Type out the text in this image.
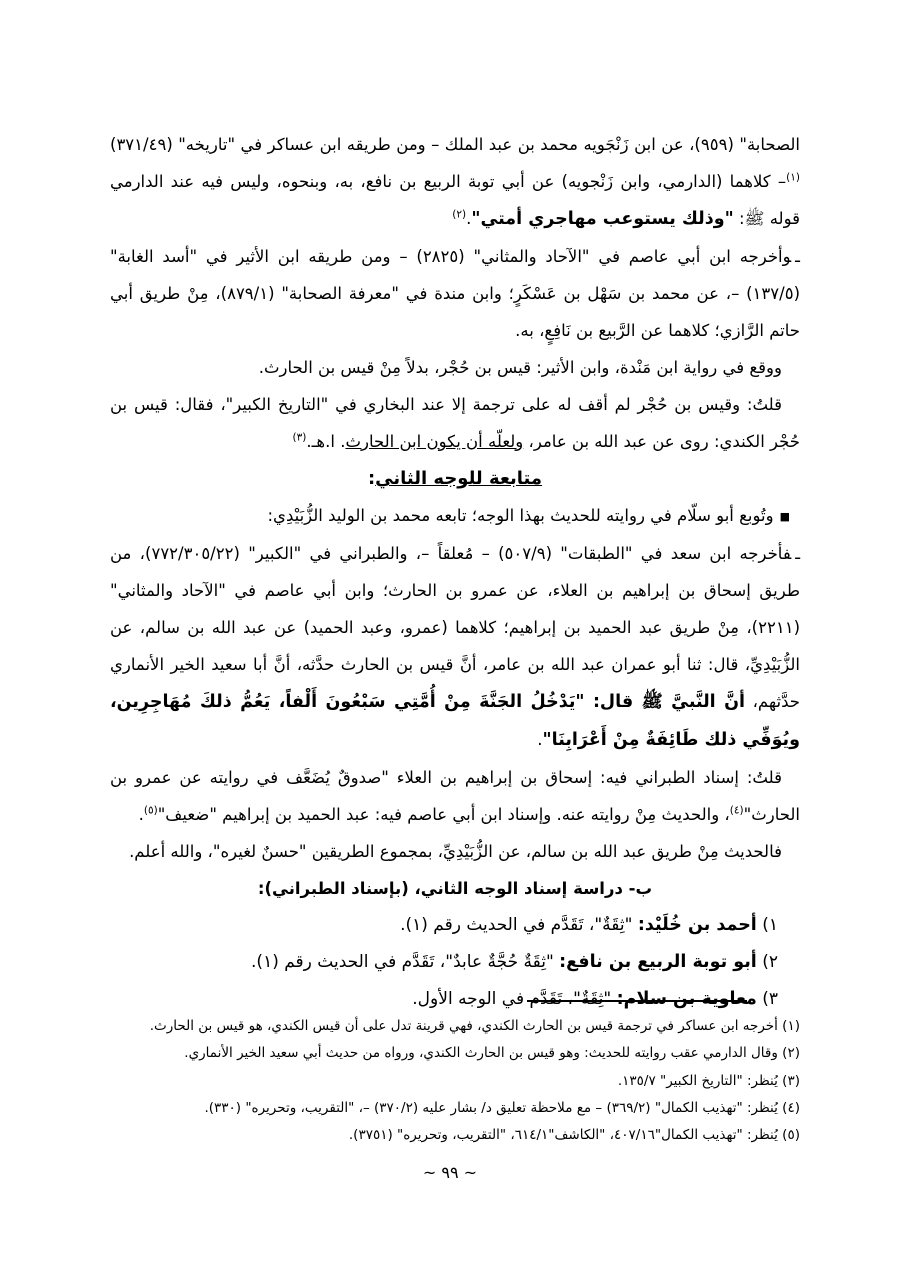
الصحابة" (٩٥٩)، عن ابن زَنْجَويه محمد بن عبد الملك – ومن طريقه ابن عساكر في "تاريخه" (٣٧١/٤٩)$^{(١)}$– كلاهما (الدارمي، وابن زَنْجويه) عن أبي توبة الربيع بن نافع، به، وبنحوه، وليس فيه عند الدارمي قوله ﷺ: "وذلك يستوعب مهاجري أمتي".$^{(٢)}$

ـوأخرجه ابن أبي عاصم في "الآحاد والمثاني" (٢٨٢٥) – ومن طريقه ابن الأثير في "أسد الغابة" (١٣٧/٥) –، عن محمد بن سَهْل بن عَسْكَرٍ؛ وابن مندة في "معرفة الصحابة" (٨٧٩/١)، مِنْ طريق أبي حاتم الرَّازي؛ كلاهما عن الرَّبيع بن نَافِعٍ، به.

ووقع في رواية ابن مَنْدة، وابن الأثير: قيس بن حُجْر، بدلاً مِنْ قيس بن الحارث.

قلتُ: وقيس بن حُجْر لم أقف له على ترجمة إلا عند البخاري في "التاريخ الكبير"، فقال: قيس بن حُجْر الكندي: روى عن عبد الله بن عامر، ولعلّه أن يكون ابن الحارث. ا.هـ.$^{(٣)}$

متابعة للوجه الثاني:

■وتُوبع أبو سلّام في روايته للحديث بهذا الوجه؛ تابعه محمد بن الوليد الزُّبَيْدِي:

ـفأخرجه ابن سعد في "الطبقات" (٥٠٧/٩) – مُعلقاً –، والطبراني في "الكبير" (٧٧٢/٣٠٥/٢٢)، من طريق إسحاق بن إبراهيم بن العلاء، عن عمرو بن الحارث؛ وابن أبي عاصم في "الآحاد والمثاني" (٢٢١١)، مِنْ طريق عبد الحميد بن إبراهيم؛ كلاهما (عمرو، وعبد الحميد) عن عبد الله بن سالم، عن الزُّبَيْدِيِّ، قال: ثنا أبو عمران عبد الله بن عامر، أنَّ قيس بن الحارث حدَّثه، أنَّ أبا سعيد الخير الأنماري حدَّثهم، أنَّ النَّبيَّ ﷺ قال: "يَدْخُلُ الجَنَّةَ مِنْ أُمَّتِي سَبْعُونَ أَلْفاً، يَعُمُّ ذلكَ مُهَاجِرِين، ويُوَفِّي ذلك طَائِفَةٌ مِنْ أَعْرَابِنَا".

قلتُ: إسناد الطبراني فيه: إسحاق بن إبراهيم بن العلاء "صدوقٌ يُضَعَّف في روايته عن عمرو بن الحارث"$^{(٤)}$، والحديث مِنْ روايته عنه. وإسناد ابن أبي عاصم فيه: عبد الحميد بن إبراهيم "ضعيف"$^{(٥)}$.

فالحديث مِنْ طريق عبد الله بن سالم، عن الزُّبَيْدِيِّ، بمجموع الطريقين "حسنٌ لغيره"، والله أعلم.

ب- دراسة إسناد الوجه الثاني، (بإسناد الطبراني):

١) أحمد بن خُلَيْد: "ثِقَةٌ"، تَقَدَّم في الحديث رقم (١).

٢) أبو توبة الربيع بن نافع: "ثِقَةٌ حُجَّةٌ عابدٌ"، تَقَدَّم في الحديث رقم (١).

٣) معاوية بن سلام: "ثِقَةٌ"، تَقَدَّم في الوجه الأول.

(١) أخرجه ابن عساكر في ترجمة قيس بن الحارث الكندي، فهي قرينة تدل على أن قيس الكندي، هو قيس بن الحارث.

(٢) وقال الدارمي عقب روايته للحديث: وهو قيس بن الحارث الكندي، ورواه من حديث أبي سعيد الخير الأنماري.

(٣) يُنظر: "التاريخ الكبير" ١٣٥/٧.

(٤) يُنظر: "تهذيب الكمال" (٣٦٩/٢) – مع ملاحظة تعليق د/ بشار عليه (٣٧٠/٢) –، "التقريب، وتحريره" (٣٣٠).

(٥) يُنظر: "تهذيب الكمال"٤٠٧/١٦، "الكاشف"٦١٤/١، "التقريب، وتحريره" (٣٧٥١).

~ ٩٩ ~
